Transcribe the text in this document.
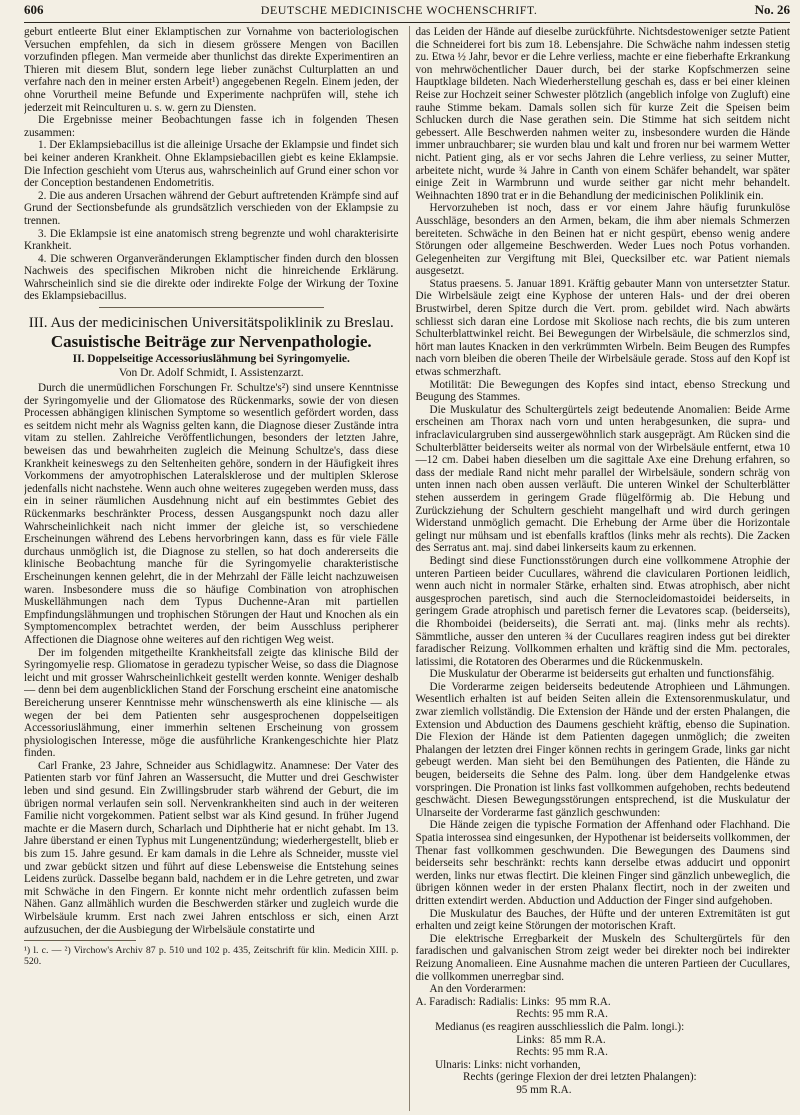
606	DEUTSCHE MEDICINISCHE WOCHENSCHRIFT.	No. 26

geburt entleerte Blut einer Eklamptischen zur Vornahme von bacteriologischen Versuchen empfehlen, da sich in diesem grössere Mengen von Bacillen vorzufinden pflegen. Man vermeide aber thunlichst das direkte Experimentiren an Thieren mit diesem Blut, sondern lege lieber zunächst Culturplatten an und verfahre nach den in meiner ersten Arbeit¹) angegebenen Regeln. Einem jeden, der ohne Vorurtheil meine Befunde und Experimente nachprüfen will, stehe ich jederzeit mit Reinculturen u. s. w. gern zu Diensten.

Die Ergebnisse meiner Beobachtungen fasse ich in folgenden Thesen zusammen:

1. Der Eklampsiebacillus ist die alleinige Ursache der Eklampsie und findet sich bei keiner anderen Krankheit. Ohne Eklampsiebacillen giebt es keine Eklampsie. Die Infection geschieht vom Uterus aus, wahrscheinlich auf Grund einer schon vor der Conception bestandenen Endometritis.

2. Die aus anderen Ursachen während der Geburt auftretenden Krämpfe sind auf Grund der Sectionsbefunde als grundsätzlich verschieden von der Eklampsie zu trennen.

3. Die Eklampsie ist eine anatomisch streng begrenzte und wohl charakterisirte Krankheit.

4. Die schweren Organveränderungen Eklamptischer finden durch den blossen Nachweis des specifischen Mikroben nicht die hinreichende Erklärung. Wahrscheinlich sind sie die direkte oder indirekte Folge der Wirkung der Toxine des Eklampsiebacillus.

III. Aus der medicinischen Universitätspoliklinik zu Breslau.
Casuistische Beiträge zur Nervenpathologie.
II. Doppelseitige Accessoriuslähmung bei Syringomyelie.
Von Dr. Adolf Schmidt, I. Assistenzarzt.

Durch die unermüdlichen Forschungen Fr. Schultze's²) sind unsere Kenntnisse der Syringomyelie und der Gliomatose des Rückenmarks, sowie der von diesen Processen abhängigen klinischen Symptome so wesentlich gefördert worden, dass es seitdem nicht mehr als Wagniss gelten kann, die Diagnose dieser Zustände intra vitam zu stellen. Zahlreiche Veröffentlichungen, besonders der letzten Jahre, beweisen das und bewahrheiten zugleich die Meinung Schultze's, dass diese Krankheit keineswegs zu den Seltenheiten gehöre, sondern in der Häufigkeit ihres Vorkommens der amyotrophischen Lateralsklerose und der multiplen Sklerose jedenfalls nicht nachstehe. Wenn auch ohne weiteres zugegeben werden muss, dass ein in seiner räumlichen Ausdehnung nicht auf ein bestimmtes Gebiet des Rückenmarks beschränkter Process, dessen Ausgangspunkt noch dazu aller Wahrscheinlichkeit nach nicht immer der gleiche ist, so verschiedene Erscheinungen während des Lebens hervorbringen kann, dass es für viele Fälle durchaus unmöglich ist, die Diagnose zu stellen, so hat doch andererseits die klinische Beobachtung manche für die Syringomyelie charakteristische Erscheinungen kennen gelehrt, die in der Mehrzahl der Fälle leicht nachzuweisen waren. Insbesondere muss die so häufige Combination von atrophischen Muskellähmungen nach dem Typus Duchenne-Aran mit partiellen Empfindungslähmungen und trophischen Störungen der Haut und Knochen als ein Symptomencomplex betrachtet werden, der beim Ausschluss peripherer Affectionen die Diagnose ohne weiteres auf den richtigen Weg weist.

Der im folgenden mitgetheilte Krankheitsfall zeigte das klinische Bild der Syringomyelie resp. Gliomatose in geradezu typischer Weise, so dass die Diagnose leicht und mit grosser Wahrscheinlichkeit gestellt werden konnte. Weniger deshalb — denn bei dem augenblicklichen Stand der Forschung erscheint eine anatomische Bereicherung unserer Kenntnisse mehr wünschenswerth als eine klinische — als wegen der bei dem Patienten sehr ausgesprochenen doppelseitigen Accessoriuslähmung, einer immerhin seltenen Erscheinung von grossem physiologischen Interesse, möge die ausführliche Krankengeschichte hier Platz finden.

Carl Franke, 23 Jahre, Schneider aus Schidlagwitz. Anamnese: Der Vater des Patienten starb vor fünf Jahren an Wassersucht, die Mutter und drei Geschwister leben und sind gesund. Ein Zwillingsbruder starb während der Geburt, die im übrigen normal verlaufen sein soll. Nervenkrankheiten sind auch in der weiteren Familie nicht vorgekommen. Patient selbst war als Kind gesund. In früher Jugend machte er die Masern durch, Scharlach und Diphtherie hat er nicht gehabt. Im 13. Jahre überstand er einen Typhus mit Lungenentzündung; wiederhergestellt, blieb er bis zum 15. Jahre gesund. Er kam damals in die Lehre als Schneider, musste viel und zwar gebückt sitzen und führt auf diese Lebensweise die Entstehung seines Leidens zurück. Dasselbe begann bald, nachdem er in die Lehre getreten, und zwar mit Schwäche in den Fingern. Er konnte nicht mehr ordentlich zufassen beim Nähen. Ganz allmählich wurden die Beschwerden stärker und zugleich wurde die Wirbelsäule krumm. Erst nach zwei Jahren entschloss er sich, einen Arzt aufzusuchen, der die Ausbiegung der Wirbelsäule constatirte und

¹) l. c. — ²) Virchow's Archiv 87 p. 510 und 102 p. 435, Zeitschrift für klin. Medicin XIII. p. 520.

das Leiden der Hände auf dieselbe zurückführte. Nichtsdestoweniger setzte Patient die Schneiderei fort bis zum 18. Lebensjahre. Die Schwäche nahm indessen stetig zu. Etwa ½ Jahr, bevor er die Lehre verliess, machte er eine fieberhafte Erkrankung von mehrwöchentlicher Dauer durch, bei der starke Kopfschmerzen seine Hauptklage bildeten. Nach Wiederherstellung geschah es, dass er bei einer kleinen Reise zur Hochzeit seiner Schwester plötzlich (angeblich infolge von Zugluft) eine rauhe Stimme bekam. Damals sollen sich für kurze Zeit die Speisen beim Schlucken durch die Nase gerathen sein. Die Stimme hat sich seitdem nicht gebessert. Alle Beschwerden nahmen weiter zu, insbesondere wurden die Hände immer unbrauchbarer; sie wurden blau und kalt und froren nur bei warmem Wetter nicht. Patient ging, als er vor sechs Jahren die Lehre verliess, zu seiner Mutter, arbeitete nicht, wurde ¾ Jahre in Canth von einem Schäfer behandelt, war später einige Zeit in Warmbrunn und wurde seither gar nicht mehr behandelt. Weihnachten 1890 trat er in die Behandlung der medicinischen Poliklinik ein.

Hervorzuheben ist noch, dass er vor einem Jahre häufig furunkulöse Ausschläge, besonders an den Armen, bekam, die ihm aber niemals Schmerzen bereiteten. Schwäche in den Beinen hat er nicht gespürt, ebenso wenig andere Störungen oder allgemeine Beschwerden. Weder Lues noch Potus vorhanden. Gelegenheiten zur Vergiftung mit Blei, Quecksilber etc. war Patient niemals ausgesetzt.

Status praesens. 5. Januar 1891. Kräftig gebauter Mann von untersetzter Statur. Die Wirbelsäule zeigt eine Kyphose der unteren Hals- und der drei oberen Brustwirbel, deren Spitze durch die Vert. prom. gebildet wird. Nach abwärts schliesst sich daran eine Lordose mit Skoliose nach rechts, die bis zum unteren Schulterblattwinkel reicht. Bei Bewegungen der Wirbelsäule, die schmerzlos sind, hört man lautes Knacken in den verkrümmten Wirbeln. Beim Beugen des Rumpfes nach vorn bleiben die oberen Theile der Wirbelsäule gerade. Stoss auf den Kopf ist etwas schmerzhaft.

Motilität: Die Bewegungen des Kopfes sind intact, ebenso Streckung und Beugung des Stammes.

Die Muskulatur des Schultergürtels zeigt bedeutende Anomalien: Beide Arme erscheinen am Thorax nach vorn und unten herabgesunken, die supra- und infraclaviculargruben sind aussergewöhnlich stark ausgeprägt. Am Rücken sind die Schulterblätter beiderseits weiter als normal von der Wirbelsäule entfernt, etwa 10—12 cm. Dabei haben dieselben um die sagittale Axe eine Drehung erfahren, so dass der mediale Rand nicht mehr parallel der Wirbelsäule, sondern schräg von unten innen nach oben aussen verläuft. Die unteren Winkel der Schulterblätter stehen ausserdem in geringem Grade flügelförmig ab. Die Hebung und Zurückziehung der Schultern geschieht mangelhaft und wird durch geringen Widerstand unmöglich gemacht. Die Erhebung der Arme über die Horizontale gelingt nur mühsam und ist ebenfalls kraftlos (links mehr als rechts). Die Zacken des Serratus ant. maj. sind dabei linkerseits kaum zu erkennen.

Bedingt sind diese Functionsstörungen durch eine vollkommene Atrophie der unteren Partieen beider Cucullares, während die clavicularen Portionen leidlich, wenn auch nicht in normaler Stärke, erhalten sind. Etwas atrophisch, aber nicht ausgesprochen paretisch, sind auch die Sternocleidomastoidei beiderseits, in geringem Grade atrophisch und paretisch ferner die Levatores scap. (beiderseits), die Rhomboidei (beiderseits), die Serrati ant. maj. (links mehr als rechts). Sämmtliche, ausser den unteren ¾ der Cucullares reagiren indess gut bei direkter faradischer Reizung. Vollkommen erhalten und kräftig sind die Mm. pectorales, latissimi, die Rotatoren des Oberarmes und die Rückenmuskeln.

Die Muskulatur der Oberarme ist beiderseits gut erhalten und functionsfähig.

Die Vorderarme zeigen beiderseits bedeutende Atrophieen und Lähmungen. Wesentlich erhalten ist auf beiden Seiten allein die Extensorenmuskulatur, und zwar ziemlich vollständig. Die Extension der Hände und der ersten Phalangen, die Extension und Abduction des Daumens geschieht kräftig, ebenso die Supination. Die Flexion der Hände ist dem Patienten dagegen unmöglich; die zweiten Phalangen der letzten drei Finger können rechts in geringem Grade, links gar nicht gebeugt werden. Man sieht bei den Bemühungen des Patienten, die Hände zu beugen, beiderseits die Sehne des Palm. long. über dem Handgelenke etwas vorspringen. Die Pronation ist links fast vollkommen aufgehoben, rechts bedeutend geschwächt. Diesen Bewegungsstörungen entsprechend, ist die Muskulatur der Ulnarseite der Vorderarme fast gänzlich geschwunden:

Die Hände zeigen die typische Formation der Affenhand oder Flachhand. Die Spatia interossea sind eingesunken, der Hypothenar ist beiderseits vollkommen, der Thenar fast vollkommen geschwunden. Die Bewegungen des Daumens sind beiderseits sehr beschränkt: rechts kann derselbe etwas adducirt und opponirt werden, links nur etwas flectirt. Die kleinen Finger sind gänzlich unbeweglich, die übrigen können weder in der ersten Phalanx flectirt, noch in der zweiten und dritten extendirt werden. Abduction und Adduction der Finger sind aufgehoben.

Die Muskulatur des Bauches, der Hüfte und der unteren Extremitäten ist gut erhalten und zeigt keine Störungen der motorischen Kraft.

Die elektrische Erregbarkeit der Muskeln des Schultergürtels für den faradischen und galvanischen Strom zeigt weder bei direkter noch bei indirekter Reizung Anomalieen. Eine Ausnahme machen die unteren Partieen der Cucullares, die vollkommen unerregbar sind.

An den Vorderarmen:

A. Faradisch: Radialis: Links:  95 mm R.A.
Rechts: 95 mm R.A.
Medianus (es reagiren ausschliesslich die Palm. longi.):
Links:  85 mm R.A.
Rechts: 95 mm R.A.
Ulnaris: Links: nicht vorhanden,
Rechts (geringe Flexion der drei letzten Phalangen):
95 mm R.A.
